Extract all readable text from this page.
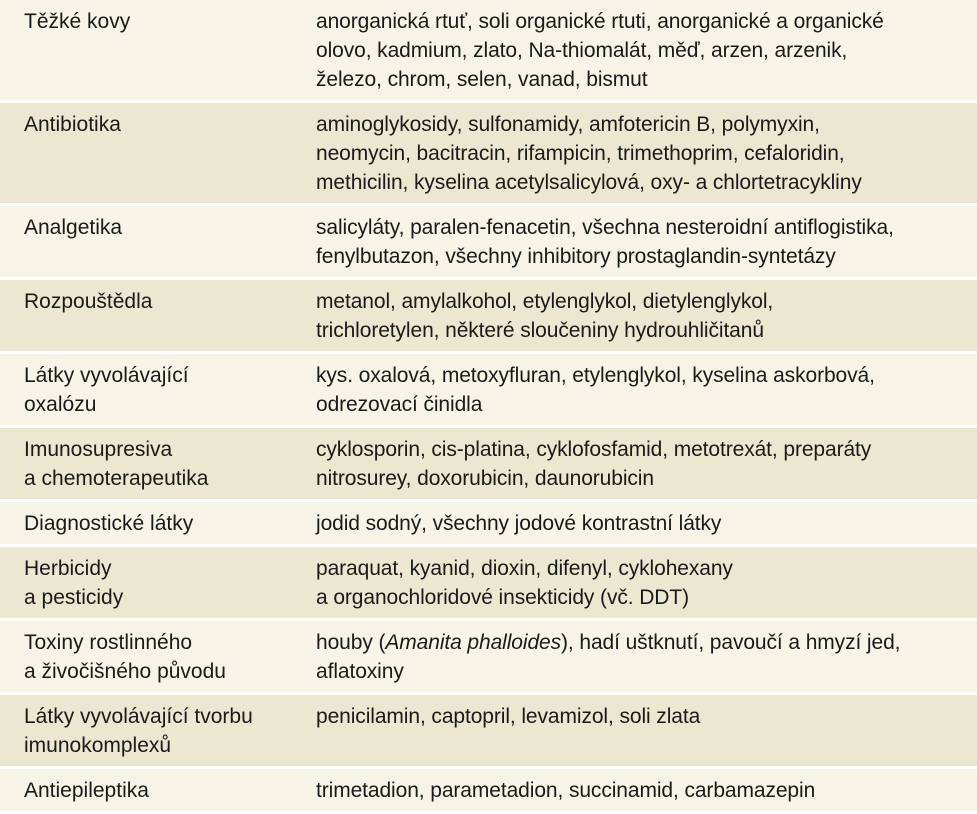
Těžké kovy	anorganická rtuť, soli organické rtuti, anorganické a organické
olovo, kadmium, zlato, Na-thiomalát, měď, arzen, arzenik,
železo, chrom, selen, vanad, bismut

Antibiotika	aminoglykosidy, sulfonamidy, amfotericin B, polymyxin,
neomycin, bacitracin, rifampicin, trimethoprim, cefaloridin,
methicilin, kyselina acetylsalicylová, oxy- a chlortetracykliny

Analgetika	salicyláty, paralen-fenacetin, všechna nesteroidní antiflogistika,
fenylbutazon, všechny inhibitory prostaglandin-syntetázy

Rozpouštědla	metanol, amylalkohol, etylenglykol, dietylenglykol,
trichloretylen, některé sloučeniny hydrouhličitanů

Látky vyvolávající
oxalózu	kys. oxalová, metoxyfluran, etylenglykol, kyselina askorbová,
odrezovací činidla

Imunosupresiva
a chemoterapeutika	cyklosporin, cis-platina, cyklofosfamid, metotrexát, preparáty
nitrosurey, doxorubicin, daunorubicin

Diagnostické látky	jodid sodný, všechny jodové kontrastní látky

Herbicidy
a pesticidy	paraquat, kyanid, dioxin, difenyl, cyklohexany
a organochloridové insekticidy (vč. DDT)

Toxiny rostlinného
a živočišného původu	houby (Amanita phalloides), hadí uštknutí, pavoučí a hmyzí jed,
aflatoxiny

Látky vyvolávající tvorbu
imunokomplexů	penicilamin, captopril, levamizol, soli zlata

Antiepileptika	trimetadion, parametadion, succinamid, carbamazepin
